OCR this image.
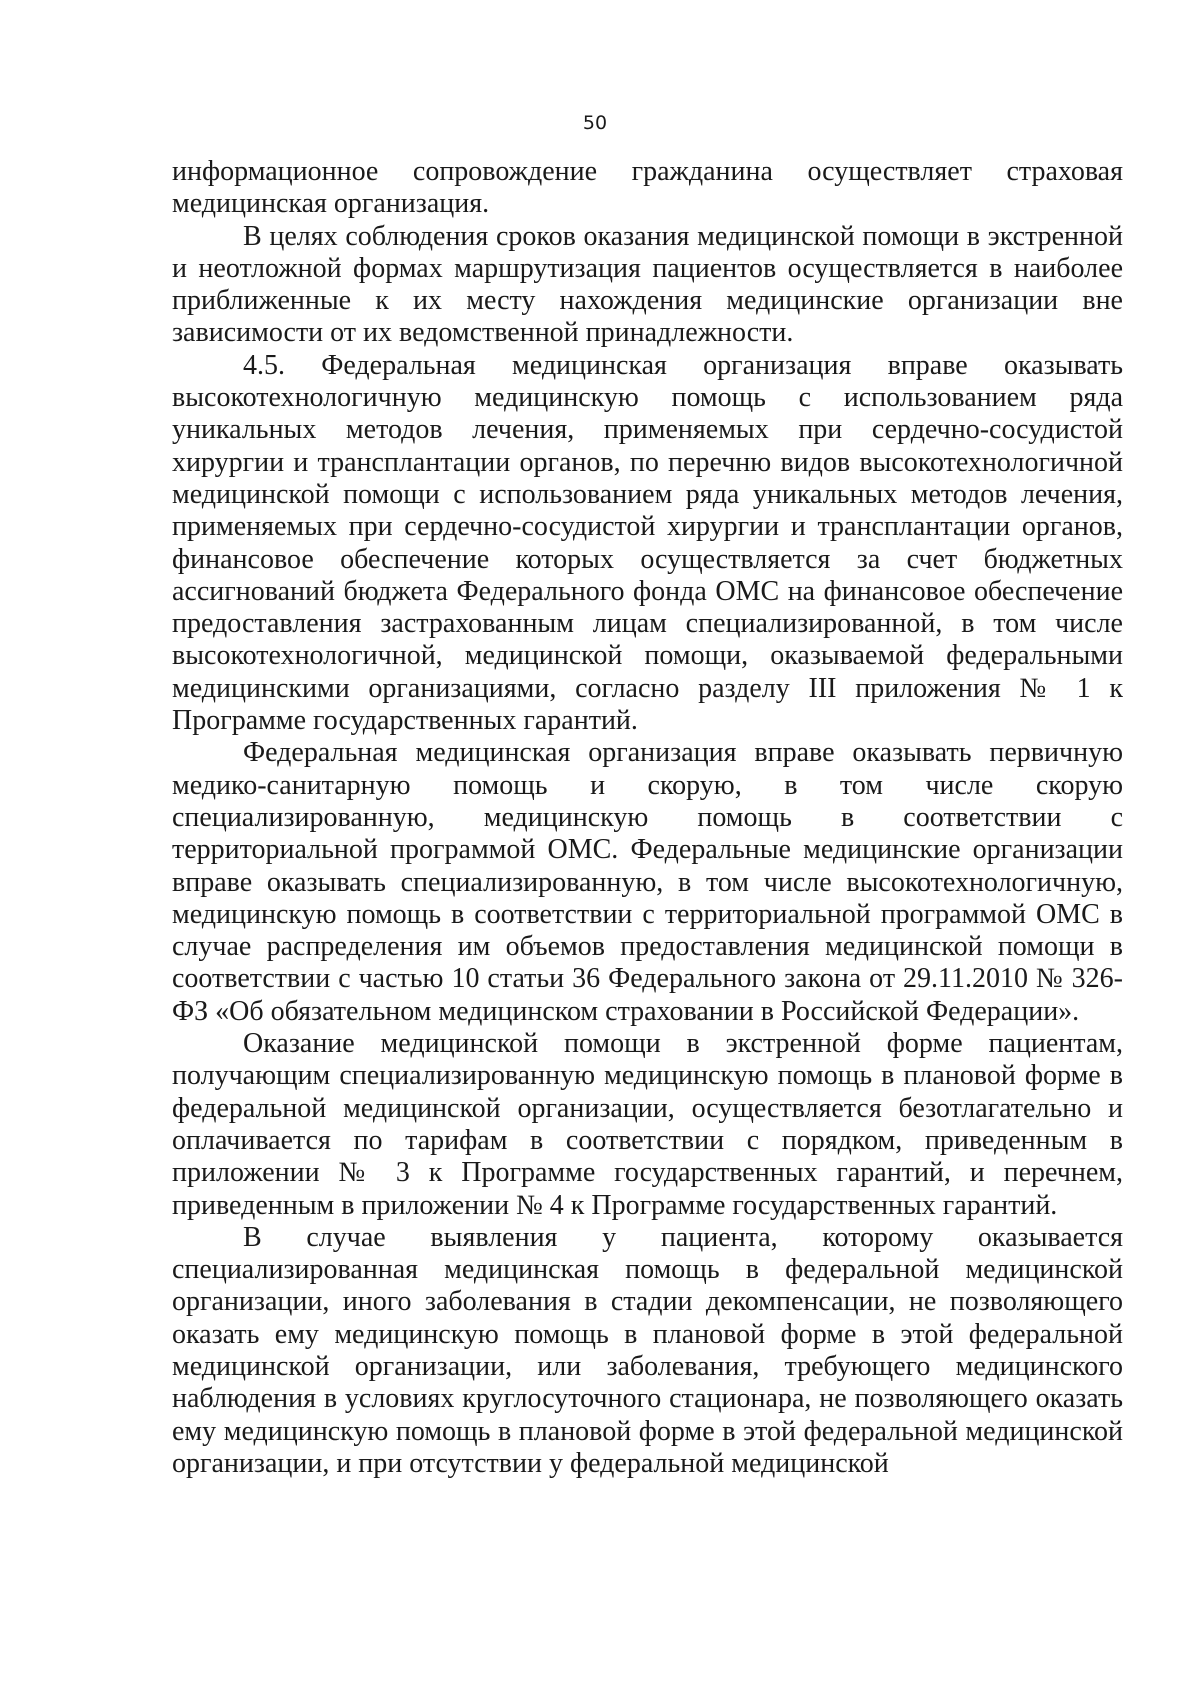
50

информационное сопровождение гражданина осуществляет страховая медицинская организация.

В целях соблюдения сроков оказания медицинской помощи в экстренной и неотложной формах маршрутизация пациентов осуществляется в наиболее приближенные к их месту нахождения медицинские организации вне зависимости от их ведомственной принадлежности.

4.5. Федеральная медицинская организация вправе оказывать высокотехнологичную медицинскую помощь с использованием ряда уникальных методов лечения, применяемых при сердечно-сосудистой хирургии и трансплантации органов, по перечню видов высокотехнологичной медицинской помощи с использованием ряда уникальных методов лечения, применяемых при сердечно-сосудистой хирургии и трансплантации органов, финансовое обеспечение которых осуществляется за счет бюджетных ассигнований бюджета Федерального фонда ОМС на финансовое обеспечение предоставления застрахованным лицам специализированной, в том числе высокотехнологичной, медицинской помощи, оказываемой федеральными медицинскими организациями, согласно разделу III приложения № 1 к Программе государственных гарантий.

Федеральная медицинская организация вправе оказывать первичную медико-санитарную помощь и скорую, в том числе скорую специализированную, медицинскую помощь в соответствии с территориальной программой ОМС. Федеральные медицинские организации вправе оказывать специализированную, в том числе высокотехнологичную, медицинскую помощь в соответствии с территориальной программой ОМС в случае распределения им объемов предоставления медицинской помощи в соответствии с частью 10 статьи 36 Федерального закона от 29.11.2010 № 326-ФЗ «Об обязательном медицинском страховании в Российской Федерации».

Оказание медицинской помощи в экстренной форме пациентам, получающим специализированную медицинскую помощь в плановой форме в федеральной медицинской организации, осуществляется безотлагательно и оплачивается по тарифам в соответствии с порядком, приведенным в приложении № 3 к Программе государственных гарантий, и перечнем, приведенным в приложении № 4 к Программе государственных гарантий.

В случае выявления у пациента, которому оказывается специализированная медицинская помощь в федеральной медицинской организации, иного заболевания в стадии декомпенсации, не позволяющего оказать ему медицинскую помощь в плановой форме в этой федеральной медицинской организации, или заболевания, требующего медицинского наблюдения в условиях круглосуточного стационара, не позволяющего оказать ему медицинскую помощь в плановой форме в этой федеральной медицинской организации, и при отсутствии у федеральной медицинской
